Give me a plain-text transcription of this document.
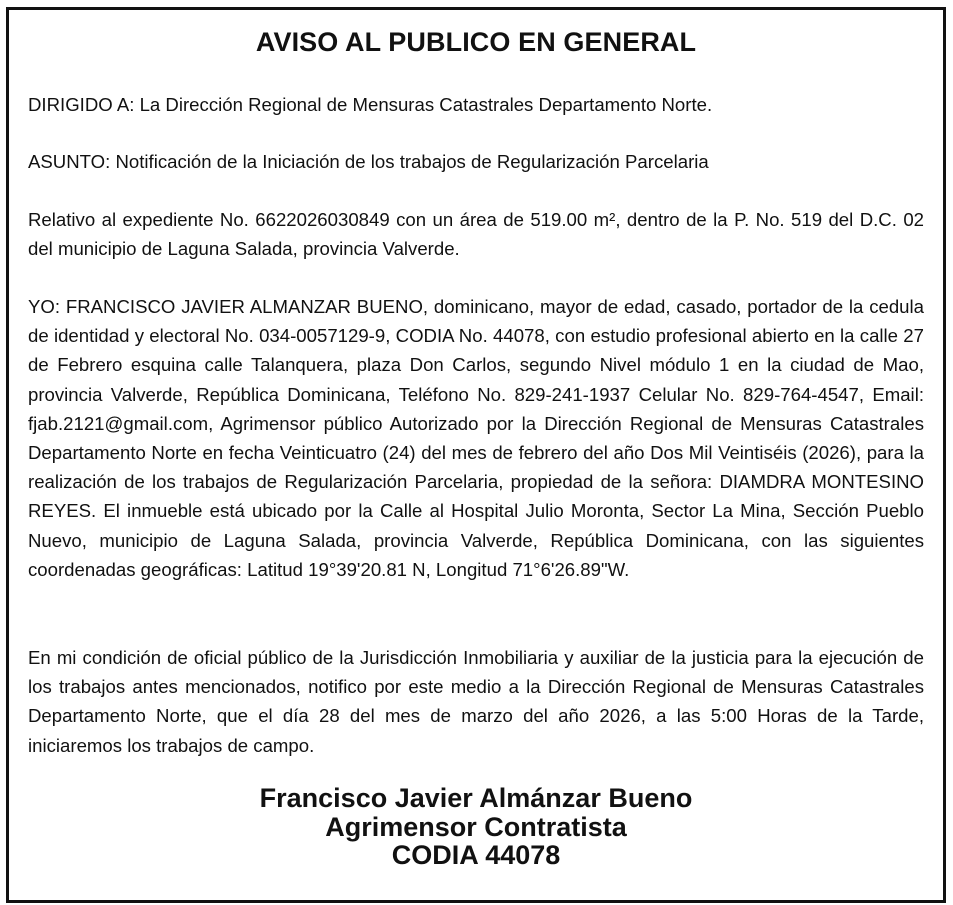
AVISO AL PUBLICO EN GENERAL

DIRIGIDO A: La Dirección Regional de Mensuras Catastrales Departamento Norte.

ASUNTO: Notificación de la Iniciación de los trabajos de Regularización Parcelaria

Relativo al expediente No. 6622026030849 con un área de 519.00 m², dentro de la P. No. 519 del D.C. 02 del municipio de Laguna Salada, provincia Valverde.

YO: FRANCISCO JAVIER ALMANZAR BUENO, dominicano, mayor de edad, casado, portador de la cedula de identidad y electoral No. 034-0057129-9, CODIA No. 44078, con estudio profesional abierto en la calle 27 de Febrero esquina calle Talanquera, plaza Don Carlos, segundo Nivel módulo 1 en la ciudad de Mao, provincia Valverde, República Dominicana, Teléfono No. 829-241-1937 Celular No. 829-764-4547, Email: fjab.2121@gmail.com, Agrimensor público Autorizado por la Dirección Regional de Mensuras Catastrales Departamento Norte en fecha Veinticuatro (24) del mes de febrero del año Dos Mil Veintiséis (2026), para la realización de los trabajos de Regularización Parcelaria, propiedad de la señora: DIAMDRA MONTESINO REYES. El inmueble está ubicado por la Calle al Hospital Julio Moronta, Sector La Mina, Sección Pueblo Nuevo, municipio de Laguna Salada, provincia Valverde, República Dominicana, con las siguientes coordenadas geográficas: Latitud 19°39'20.81 N, Longitud 71°6'26.89"W.

En mi condición de oficial público de la Jurisdicción Inmobiliaria y auxiliar de la justicia para la ejecución de los trabajos antes mencionados, notifico por este medio a la Dirección Regional de Mensuras Catastrales Departamento Norte, que el día 28 del mes de marzo del año 2026, a las 5:00 Horas de la Tarde, iniciaremos los trabajos de campo.

Francisco Javier Almánzar Bueno

Agrimensor Contratista

CODIA 44078
